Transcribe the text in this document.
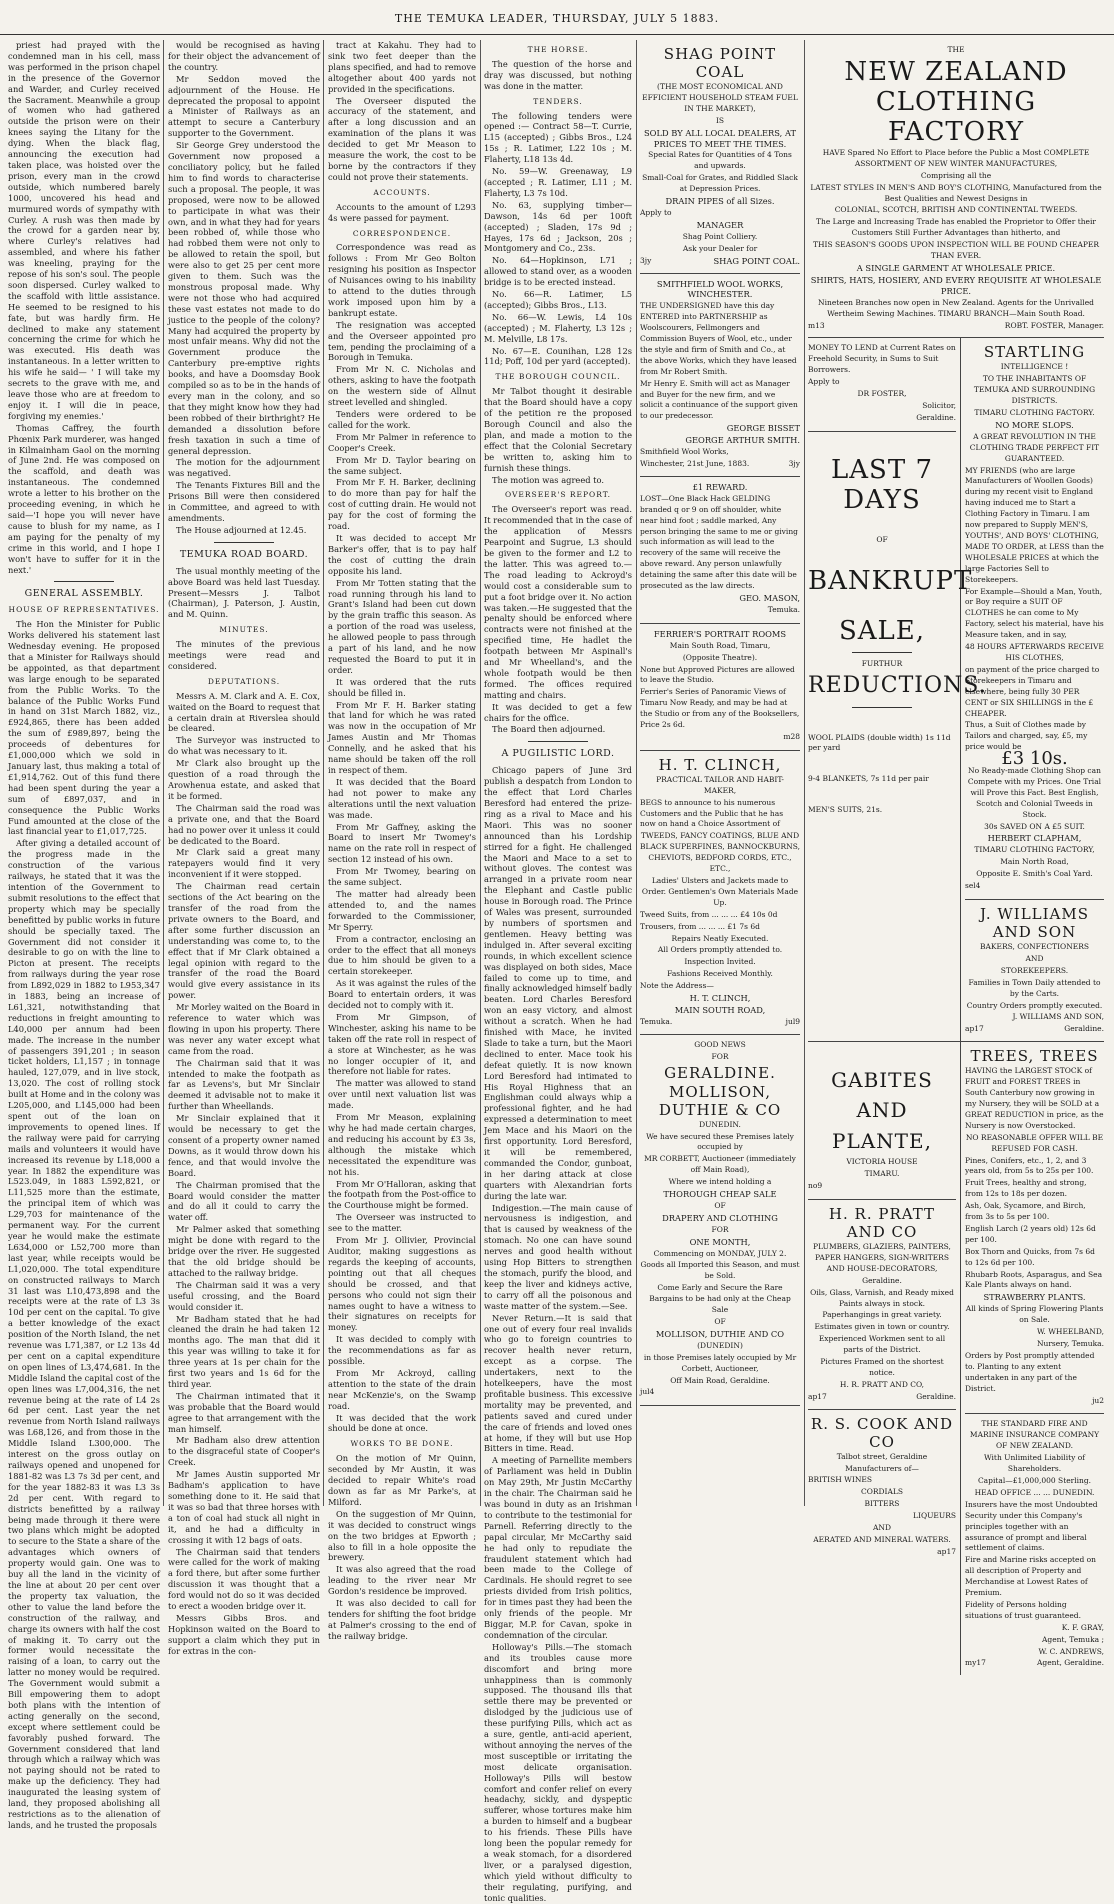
THE TEMUKA LEADER, THURSDAY, JULY 5 1883.

priest had prayed with the condemned man in his cell, mass was performed in the prison chapel in the presence of the Governor and Warder, and Curley received the Sacrament. Meanwhile a group of women who had gathered outside the prison were on their knees saying the Litany for the dying. When the black flag, announcing the execution had taken place, was hoisted over the prison, every man in the crowd outside, which numbered barely 1000, uncovered his head and murmured words of sympathy with Curley. A rush was then made by the crowd for a garden near by, where Curley's relatives had assembled, and where his father was kneeling, praying for the repose of his son's soul. The people soon dispersed. Curley walked to the scaffold with little assistance. He seemed to be resigned to his fate, but was hardly firm. He declined to make any statement concerning the crime for which he was executed. His death was instantaneous. In a letter written to his wife he said— ' I will take my secrets to the grave with me, and leave those who are at freedom to enjoy it. I will die in peace, forgiving my enemies.'

Thomas Caffrey, the fourth Phœnix Park murderer, was hanged in Kilmainham Gaol on the morning of June 2nd. He was composed on the scaffold, and death was instantaneous. The condemned wrote a letter to his brother on the proceeding evening, in which he said—'I hope you will never have cause to blush for my name, as I am paying for the penalty of my crime in this world, and I hope I won't have to suffer for it in the next.'

GENERAL ASSEMBLY.

HOUSE OF REPRESENTATIVES.

The Hon the Minister for Public Works delivered his statement last Wednesday evening. He proposed that a Minister for Railways should be appointed, as that department was large enough to be separated from the Public Works. To the balance of the Public Works Fund in hand on 31st March 1882, viz., £924,865, there has been added the sum of £989,897, being the proceeds of debentures for £1,000,000 which we sold in January last, thus making a total of £1,914,762. Out of this fund there had been spent during the year a sum of £897,037, and in consequence the Public Works Fund amounted at the close of the last financial year to £1,017,725.

After giving a detailed account of the progress made in the construction of the various railways, he stated that it was the intention of the Government to submit resolutions to the effect that property which may be specially benefitted by public works in future should be specially taxed. The Government did not consider it desirable to go on with the line to Picton at present. The receipts from railways during the year rose from L892,029 in 1882 to L953,347 in 1883, being an increase of L61,321, notwithstanding that reductions in freight amounting to L40,000 per annum had been made. The increase in the number of passengers 391,201 ; in season ticket holders, L1,157 ; in tonnage hauled, 127,079, and in live stock, 13,020. The cost of rolling stock built at Home and in the colony was L205,000, and L145,000 had been spent out of the loan on improvements to opened lines. If the railway were paid for carrying mails and volunteers it would have increased its revenue by L18,000 a year. In 1882 the expenditure was L523.049, in 1883 L592,821, or L11,525 more than the estimate, the principal item of which was L29,703 for maintenance of the permanent way. For the current year he would make the estimate L634,000 or L52,700 more than last year, while receipts would be L1,020,000. The total expenditure on constructed railways to March 31 last was L10,473,898 and the receipts were at the rate of L3 3s 10d per cent on the capital. To give a better knowledge of the exact position of the North Island, the net revenue was L71,387, or L2 13s 4d per cent on a capital expenditure on open lines of L3,474,681. In the Middle Island the capital cost of the open lines was L7,004,316, the net revenue being at the rate of L4 2s 6d per cent. Last year the net revenue from North Island railways was L68,126, and from those in the Middle Island L300,000. The interest on the gross outlay on railways opened and unopened for 1881-82 was L3 7s 3d per cent, and for the year 1882-83 it was L3 3s 2d per cent. With regard to districts benefitted by a railway being made through it there were two plans which might be adopted to secure to the State a share of the advantages which owners of property would gain. One was to buy all the land in the vicinity of the line at about 20 per cent over the property tax valuation, the other to value the land before the construction of the railway, and charge its owners with half the cost of making it. To carry out the former would necessitate the raising of a loan, to carry out the latter no money would be required. The Government would submit a Bill empowering them to adopt both plans with the intention of acting generally on the second, except where settlement could be favorably pushed forward. The Government considered that land through which a railway which was not paying should not be rated to make up the deficiency. They had inaugurated the leasing system of land, they proposed abolishing all restrictions as to the alienation of lands, and he trusted the proposals

would be recognised as having for their object the advancement of the country.

Mr Seddon moved the adjournment of the House. He deprecated the proposal to appoint a Minister of Railways as an attempt to secure a Canterbury supporter to the Government.

Sir George Grey understood the Government now proposed a conciliatory policy, but he failed him to find words to characterise such a proposal. The people, it was proposed, were now to be allowed to participate in what was their own, and in what they had for years been robbed of, while those who had robbed them were not only to be allowed to retain the spoil, but were also to get 25 per cent more given to them. Such was the monstrous proposal made. Why were not those who had acquired these vast estates not made to do justice to the people of the colony? Many had acquired the property by most unfair means. Why did not the Government produce the Canterbury pre-emptive rights books, and have a Doomsday Book compiled so as to be in the hands of every man in the colony, and so that they might know how they had been robbed of their birthright? He demanded a dissolution before fresh taxation in such a time of general depression.

The motion for the adjournment was negatived.

The Tenants Fixtures Bill and the Prisons Bill were then considered in Committee, and agreed to with amendments.

The House adjourned at 12.45.

TEMUKA ROAD BOARD.

The usual monthly meeting of the above Board was held last Tuesday. Present—Messrs J. Talbot (Chairman), J. Paterson, J. Austin, and M. Quinn.

MINUTES.

The minutes of the previous meetings were read and considered.

DEPUTATIONS.

Messrs A. M. Clark and A. E. Cox, waited on the Board to request that a certain drain at Riverslea should be cleared.

The Surveyor was instructed to do what was necessary to it.

Mr Clark also brought up the question of a road through the Arowhenua estate, and asked that it be formed.

The Chairman said the road was a private one, and that the Board had no power over it unless it could be dedicated to the Board.

Mr Clark said a great many ratepayers would find it very inconvenient if it were stopped.

The Chairman read certain sections of the Act bearing on the transfer of the road from the private owners to the Board, and after some further discussion an understanding was come to, to the effect that if Mr Clark obtained a legal opinion with regard to the transfer of the road the Board would give every assistance in its power.

Mr Morley waited on the Board in reference to water which was flowing in upon his property. There was never any water except what came from the road.

The Chairman said that it was intended to make the footpath as far as Levens's, but Mr Sinclair deemed it advisable not to make it further than Wheellands.

Mr Sinclair explained that it would be necessary to get the consent of a property owner named Downs, as it would throw down his fence, and that would involve the Board.

The Chairman promised that the Board would consider the matter and do all it could to carry the water off.

Mr Palmer asked that something might be done with regard to the bridge over the river. He suggested that the old bridge should be attached to the railway bridge.

The Chairman said it was a very useful crossing, and the Board would consider it.

Mr Badham stated that he had cleaned the drain he had taken 12 months ago. The man that did it this year was willing to take it for three years at 1s per chain for the first two years and 1s 6d for the third year.

The Chairman intimated that it was probable that the Board would agree to that arrangement with the man himself.

Mr Badham also drew attention to the disgraceful state of Cooper's Creek.

Mr James Austin supported Mr Badham's application to have something done to it. He said that it was so bad that three horses with a ton of coal had stuck all night in it, and he had a difficulty in crossing it with 12 bags of oats.

The Chairman said that tenders were called for the work of making a ford there, but after some further discussion it was thought that a ford would not do so it was decided to erect a wooden bridge over it.

Messrs Gibbs Bros. and Hopkinson waited on the Board to support a claim which they put in for extras in the con-

tract at Kakahu. They had to sink two feet deeper than the plans specified, and had to remove altogether about 400 yards not provided in the specifications.

The Overseer disputed the accuracy of the statement, and after a long discussion and an examination of the plans it was decided to get Mr Meason to measure the work, the cost to be borne by the contractors if they could not prove their statements.

ACCOUNTS.

Accounts to the amount of L293 4s were passed for payment.

CORRESPONDENCE.

Correspondence was read as follows : From Mr Geo Bolton resigning his position as Inspector of Nuisances owing to his inability to attend to the duties through work imposed upon him by a bankrupt estate.

The resignation was accepted and the Overseer appointed pro tem, pending the proclaiming of a Borough in Temuka.

From Mr N. C. Nicholas and others, asking to have the footpath on the western side of Allnut street levelled and shingled.

Tenders were ordered to be called for the work.

From Mr Palmer in reference to Cooper's Creek.

From Mr D. Taylor bearing on the same subject.

From Mr F. H. Barker, declining to do more than pay for half the cost of cutting drain. He would not pay for the cost of forming the road.

It was decided to accept Mr Barker's offer, that is to pay half the cost of cutting the drain opposite his land.

From Mr Totten stating that the road running through his land to Grant's Island had been cut down by the grain traffic this season. As a portion of the road was useless, he allowed people to pass through a part of his land, and he now requested the Board to put it in order.

It was ordered that the ruts should be filled in.

From Mr F. H. Barker stating that land for which he was rated was now in the occupation of Mr James Austin and Mr Thomas Connelly, and he asked that his name should be taken off the roll in respect of them.

It was decided that the Board had not power to make any alterations until the next valuation was made.

From Mr Gaffney, asking the Board to insert Mr Twomey's name on the rate roll in respect of section 12 instead of his own.

From Mr Twomey, bearing on the same subject.

The matter had already been attended to, and the names forwarded to the Commissioner, Mr Sperry.

From a contractor, enclosing an order to the effect that all moneys due to him should be given to a certain storekeeper.

As it was against the rules of the Board to entertain orders, it was decided not to comply with it.

From Mr Gimpson, of Winchester, asking his name to be taken off the rate roll in respect of a store at Winchester, as he was no longer occupier of it, and therefore not liable for rates.

The matter was allowed to stand over until next valuation list was made.

From Mr Meason, explaining why he had made certain charges, and reducing his account by £3 3s, although the mistake which necessitated the expenditure was not his.

From Mr O'Halloran, asking that the footpath from the Post-office to the Courthouse might be formed.

The Overseer was instructed to see to the matter.

From Mr J. Ollivier, Provincial Auditor, making suggestions as regards the keeping of accounts, pointing out that all cheques should be crossed, and that persons who could not sign their names ought to have a witness to their signatures on receipts for money.

It was decided to comply with the recommendations as far as possible.

From Mr Ackroyd, calling attention to the state of the drain near McKenzie's, on the Swamp road.

It was decided that the work should be done at once.

WORKS TO BE DONE.

On the motion of Mr Quinn, seconded by Mr Austin, it was decided to repair White's road down as far as Mr Parke's, at Milford.

On the suggestion of Mr Quinn, it was decided to construct wings on the two bridges at Epworth ; also to fill in a hole opposite the brewery.

It was also agreed that the road leading to the river near Mr Gordon's residence be improved.

It was also decided to call for tenders for shifting the foot bridge at Palmer's crossing to the end of the railway bridge.

THE HORSE.

The question of the horse and dray was discussed, but nothing was done in the matter.

TENDERS.

The following tenders were opened :— Contract 58—T. Currie, L15 (accepted) ; Gibbs Bros., L24 15s ; R. Latimer, L22 10s ; M. Flaherty, L18 13s 4d.

No. 59—W. Greenaway, L9 (accepted ; R. Latimer, L11 ; M. Flaherty, L3 7s 10d.

No. 63, supplying timber—Dawson, 14s 6d per 100ft (accepted) ; Sladen, 17s 9d ; Hayes, 17s 6d ; Jackson, 20s ; Montgomery and Co., 23s.

No. 64—Hopkinson, L71 ; allowed to stand over, as a wooden bridge is to be erected instead.

No. 66—R. Latimer, L5 (accepted); Gibbs Bros., L13.

No. 66—W. Lewis, L4 10s (accepted) ; M. Flaherty, L3 12s ; M. Melville, L8 17s.

No. 67—E. Counihan, L28 12s 11d; Poff, 10d per yard (accepted).

THE BOROUGH COUNCIL.

Mr Talbot thought it desirable that the Board should have a copy of the petition re the proposed Borough Council and also the plan, and made a motion to the effect that the Colonial Secretary be written to, asking him to furnish these things.

The motion was agreed to.

OVERSEER'S REPORT.

The Overseer's report was read. It recommended that in the case of the application of Messrs Pearpoint and Sugrue, L3 should be given to the former and L2 to the latter. This was agreed to.—The road leading to Ackroyd's would cost a considerable sum to put a foot bridge over it. No action was taken.—He suggested that the penalty should be enforced where contracts were not finished at the specified time, He hadlet the footpath between Mr Aspinall's and Mr Wheelland's, and the whole footpath would be then formed. The offices required matting and chairs.

It was decided to get a few chairs for the office.

The Board then adjourned.

A PUGILISTIC LORD.

Chicago papers of June 3rd publish a despatch from London to the effect that Lord Charles Beresford had entered the prize-ring as a rival to Mace and his Maori. This was no sooner announced than his Lordship stirred for a fight. He challenged the Maori and Mace to a set to without gloves. The contest was arranged in a private room near the Elephant and Castle public house in Borough road. The Prince of Wales was present, surrounded by numbers of sportsmen and gentlemen. Heavy betting was indulged in. After several exciting rounds, in which excellent science was displayed on both sides, Mace failed to come up to time, and finally acknowledged himself badly beaten. Lord Charles Beresford won an easy victory, and almost without a scratch. When he had finished with Mace, he invited Slade to take a turn, but the Maori declined to enter. Mace took his defeat quietly. It is now known Lord Beresford had intimated to His Royal Highness that an Englishman could always whip a professional fighter, and he had expressed a determination to meet Jem Mace and his Maori on the first opportunity. Lord Beresford, it will be remembered, commanded the Condor, gunboat, in her daring attack at close quarters with Alexandrian forts during the late war.

Indigestion.—The main cause of nervousness is indigestion, and that is caused by weakness of the stomach. No one can have sound nerves and good health without using Hop Bitters to strengthen the stomach, purify the blood, and keep the liver and kidneys active, to carry off all the poisonous and waste matter of the system.—See.

Never Return.—It is said that one out of every four real invalids who go to foreign countries to recover health never return, except as a corpse. The undertakers, next to the hotelkeepers, have the most profitable business. This excessive mortality may be prevented, and patients saved and cured under the care of friends and loved ones at home, if they will but use Hop Bitters in time. Read.

A meeting of Parnellite members of Parliament was held in Dublin on May 29th, Mr Justin McCarthy in the chair. The Chairman said he was bound in duty as an Irishman to contribute to the testimonial for Parnell. Referring directly to the papal circular, Mr McCarthy said he had only to repudiate the fraudulent statement which had been made to the College of Cardinals. He should regret to see priests divided from Irish politics, for in times past they had been the only friends of the people. Mr Biggar, M.P. for Cavan, spoke in condemnation of the circular.

Holloway's Pills.—The stomach and its troubles cause more discomfort and bring more unhappiness than is commonly supposed. The thousand ills that settle there may be prevented or dislodged by the judicious use of these purifying Pills, which act as a sure, gentle, anti-acid aperient, without annoying the nerves of the most susceptible or irritating the most delicate organisation. Holloway's Pills will bestow comfort and confer relief on every headachy, sickly, and dyspeptic sufferer, whose tortures make him a burden to himself and a bugbear to his friends. These Pills have long been the popular remedy for a weak stomach, for a disordered liver, or a paralysed digestion, which yield without difficulty to their regulating, purifying, and tonic qualities.

SHAG POINT COAL

(THE MOST ECONOMICAL AND EFFICIENT HOUSEHOLD STEAM FUEL IN THE MARKET),

IS

SOLD BY ALL LOCAL DEALERS, AT PRICES TO MEET THE TIMES.

Special Rates for Quantities of 4 Tons and upwards.

Small-Coal for Grates, and Riddled Slack at Depression Prices.

DRAIN PIPES of all Sizes.

Apply to

MANAGER

Shag Point Colliery.

Ask your Dealer for

3jy	SHAG POINT COAL.

SMITHFIELD WOOL WORKS, WINCHESTER.

THE UNDERSIGNED have this day ENTERED into PARTNERSHIP as Woolscourers, Fellmongers and Commission Buyers of Wool, etc., under the style and firm of Smith and Co., at the above Works, which they have leased from Mr Robert Smith.

Mr Henry E. Smith will act as Manager and Buyer for the new firm, and we solicit a continuance of the support given to our predecessor.

GEORGE BISSET

GEORGE ARTHUR SMITH.

Smithfield Wool Works,

Winchester, 21st June, 1883.	3jy

£1 REWARD.

LOST—One Black Hack GELDING branded q or 9 on off shoulder, white near hind foot ; saddle marked, Any person bringing the same to me or giving such information as will lead to the recovery of the same will receive the above reward. Any person unlawfully detaining the same after this date will be prosecuted as the law directs.

GEO. MASON,

Temuka.

FERRIER'S PORTRAIT ROOMS

Main South Road, Timaru,

(Opposite Theatre).

None but Approved Pictures are allowed to leave the Studio.

Ferrier's Series of Panoramic Views of Timaru Now Ready, and may be had at the Studio or from any of the Booksellers, Price 2s 6d.

m28

H. T. CLINCH,

PRACTICAL TAILOR AND HABIT-MAKER,

BEGS to announce to his numerous Customers and the Public that he has now on hand a Choice Assortment of

TWEEDS, FANCY COATINGS, BLUE AND BLACK SUPERFINES, BANNOCKBURNS, CHEVIOTS, BEDFORD CORDS, ETC., ETC.,

Ladies' Ulsters and Jackets made to Order. Gentlemen's Own Materials Made Up.

Tweed Suits, from ... ... ... £4 10s 0d

Trousers, from ... ... ... £1 7s 6d

Repairs Neatly Executed.

All Orders promptly attended to.

Inspection Invited.

Fashions Received Monthly.

Note the Address—

H. T. CLINCH,

MAIN SOUTH ROAD,

Temuka.	jul9

GOOD NEWS

FOR

GERALDINE.

MOLLISON, DUTHIE & CO

DUNEDIN.

We have secured these Premises lately occupied by

MR CORBETT, Auctioneer (immediately off Main Road),

Where we intend holding a

THOROUGH CHEAP SALE

OF

DRAPERY AND CLOTHING

FOR

ONE MONTH,

Commencing on MONDAY, JULY 2.

Goods all Imported this Season, and must be Sold.

Come Early and Secure the Rare Bargains to be had only at the Cheap Sale

OF

MOLLISON, DUTHIE AND CO

(DUNEDIN)

in those Premises lately occupied by Mr Corbett, Auctioneer,

Off Main Road, Geraldine.

jul4

THE

NEW ZEALAND CLOTHING FACTORY

HAVE Spared No Effort to Place before the Public a Most COMPLETE ASSORTMENT OF NEW WINTER MANUFACTURES,

Comprising all the

LATEST STYLES IN MEN'S AND BOY'S CLOTHING, Manufactured from the Best Qualities and Newest Designs in

COLONIAL, SCOTCH, BRITISH AND CONTINENTAL TWEEDS.

The Large and Increasing Trade has enabled the Proprietor to Offer their Customers Still Further Advantages than hitherto, and

THIS SEASON'S GOODS UPON INSPECTION WILL BE FOUND CHEAPER THAN EVER.

A SINGLE GARMENT AT WHOLESALE PRICE.

SHIRTS, HATS, HOSIERY, AND EVERY REQUISITE AT WHOLESALE PRICE.

Nineteen Branches now open in New Zealand. Agents for the Unrivalled Wertheim Sewing Machines. TIMARU BRANCH—Main South Road.

m13	ROBT. FOSTER, Manager.

MONEY TO LEND at Current Rates on Freehold Security, in Sums to Suit Borrowers.

Apply to

DR FOSTER,

Solicitor,

Geraldine.

LAST 7 DAYS

OF

BANKRUPT

SALE,

FURTHUR

REDUCTIONS.

WOOL PLAIDS (double width) 1s 11d per yard

9-4 BLANKETS, 7s 11d per pair

MEN'S SUITS, 21s.

STARTLING

INTELLIGENCE !

TO THE INHABITANTS OF TEMUKA AND SURROUNDING DISTRICTS.

TIMARU CLOTHING FACTORY.

NO MORE SLOPS.

A GREAT REVOLUTION IN THE CLOTHING TRADE PERFECT FIT GUARANTEED.

MY FRIENDS (who are large Manufacturers of Woollen Goods) during my recent visit to England having induced me to Start a Clothing Factory in Timaru. I am now prepared to Supply MEN'S, YOUTHS', AND BOYS' CLOTHING, MADE TO ORDER, at LESS than the WHOLESALE PRICES at which the large Factories Sell to Storekeepers.

For Example—Should a Man, Youth, or Boy require a SUIT OF CLOTHES he can come to My Factory, select his material, have his Measure taken, and in say,

48 HOURS AFTERWARDS RECEIVE HIS CLOTHES,

on payment of the price charged to Storekeepers in Timaru and elsewhere, being fully 30 PER CENT or SIX SHILLINGS in the £ CHEAPER.

Thus, a Suit of Clothes made by Tailors and charged, say, £5, my price would be

£3 10s.

No Ready-made Clothing Shop can Compete with my Prices. One Trial will Prove this Fact. Best English, Scotch and Colonial Tweeds in Stock.

30s SAVED ON A £5 SUIT.

HERBERT CLAPHAM,

TIMARU CLOTHING FACTORY,

Main North Road,

Opposite E. Smith's Coal Yard.

sel4

J. WILLIAMS AND SON

BAKERS, CONFECTIONERS

AND

STOREKEEPERS.

Families in Town Daily attended to by the Carts.

Country Orders promptly executed.

J. WILLIAMS AND SON,

ap17	Geraldine.

GABITES AND

PLANTE,

VICTORIA HOUSE

TIMARU.

no9

H. R. PRATT AND CO

PLUMBERS, GLAZIERS, PAINTERS, PAPER HANGERS, SIGN-WRITERS AND HOUSE-DECORATORS,

Geraldine.

Oils, Glass, Varnish, and Ready mixed Paints always in stock.

Paperhangings in great variety.

Estimates given in town or country.

Experienced Workmen sent to all parts of the District.

Pictures Framed on the shortest notice.

H. R. PRATT AND CO,

ap17	Geraldine.

R. S. COOK AND CO

Talbot street, Geraldine

Manufacturers of—

BRITISH WINES

CORDIALS

BITTERS

LIQUEURS

AND

AERATED AND MINERAL WATERS.

ap17

TREES, TREES

HAVING the LARGEST STOCK of FRUIT and FOREST TREES in South Canterbury now growing in my Nursery, they will be SOLD at a GREAT REDUCTION in price, as the Nursery is now Overstocked.

NO REASONABLE OFFER WILL BE REFUSED FOR CASH.

Pines, Conifers, etc., 1, 2, and 3 years old, from 5s to 25s per 100.

Fruit Trees, healthy and strong, from 12s to 18s per dozen.

Ash, Oak, Sycamore, and Birch, from 3s to 5s per 100.

English Larch (2 years old) 12s 6d per 100.

Box Thorn and Quicks, from 7s 6d to 12s 6d per 100.

Rhubarb Roots, Asparagus, and Sea Kale Plants always on hand.

STRAWBERRY PLANTS.

All kinds of Spring Flowering Plants on Sale.

W. WHEELBAND,

Nursery, Temuka.

Orders by Post promptly attended to. Planting to any extent undertaken in any part of the District.

ju2

THE STANDARD FIRE AND MARINE INSURANCE COMPANY OF NEW ZEALAND.

With Unlimited Liability of Shareholders.

Capital—£1,000,000 Sterling.

HEAD OFFICE ... ... DUNEDIN.

Insurers have the most Undoubted Security under this Company's principles together with an assurance of prompt and liberal settlement of claims.

Fire and Marine risks accepted on all description of Property and Merchandise at Lowest Rates of Premium.

Fidelity of Persons holding situations of trust guaranteed.

K. F. GRAY,

Agent, Temuka ;

W. C. ANDREWS,

my17	Agent, Geraldine.
